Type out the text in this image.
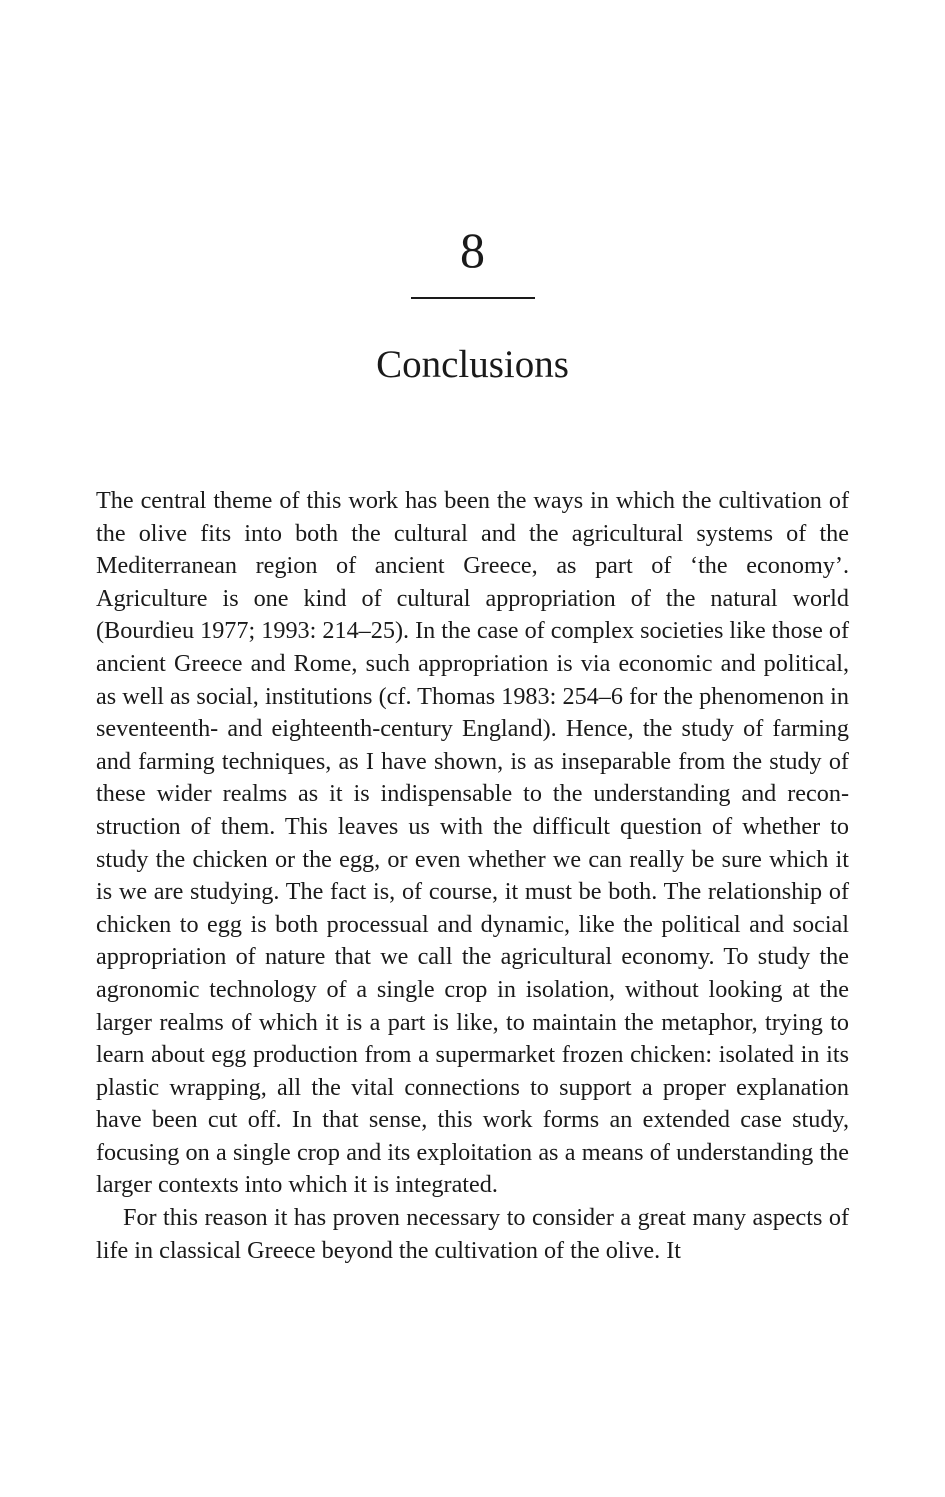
8
Conclusions

The central theme of this work has been the ways in which the cultivation of the olive fits into both the cultural and the agricultural systems of the Mediterranean region of ancient Greece, as part of ‘the economy’. Agriculture is one kind of cultural appropriation of the natural world (Bourdieu 1977; 1993: 214–25). In the case of complex societies like those of ancient Greece and Rome, such appropriation is via economic and political, as well as social, institutions (cf. Thomas 1983: 254–6 for the phenomenon in seventeenth- and eighteenth-century England). Hence, the study of farming and farming techniques, as I have shown, is as inseparable from the study of these wider realms as it is indispensable to the understanding and reconstruction of them. This leaves us with the difficult question of whether to study the chicken or the egg, or even whether we can really be sure which it is we are studying. The fact is, of course, it must be both. The relationship of chicken to egg is both processual and dynamic, like the political and social appropriation of nature that we call the agricultural economy. To study the agronomic technology of a single crop in isolation, without looking at the larger realms of which it is a part is like, to maintain the metaphor, trying to learn about egg production from a supermarket frozen chicken: isolated in its plastic wrapping, all the vital connections to support a proper explanation have been cut off. In that sense, this work forms an extended case study, focusing on a single crop and its exploitation as a means of understanding the larger contexts into which it is integrated.

For this reason it has proven necessary to consider a great many aspects of life in classical Greece beyond the cultivation of the olive. It
